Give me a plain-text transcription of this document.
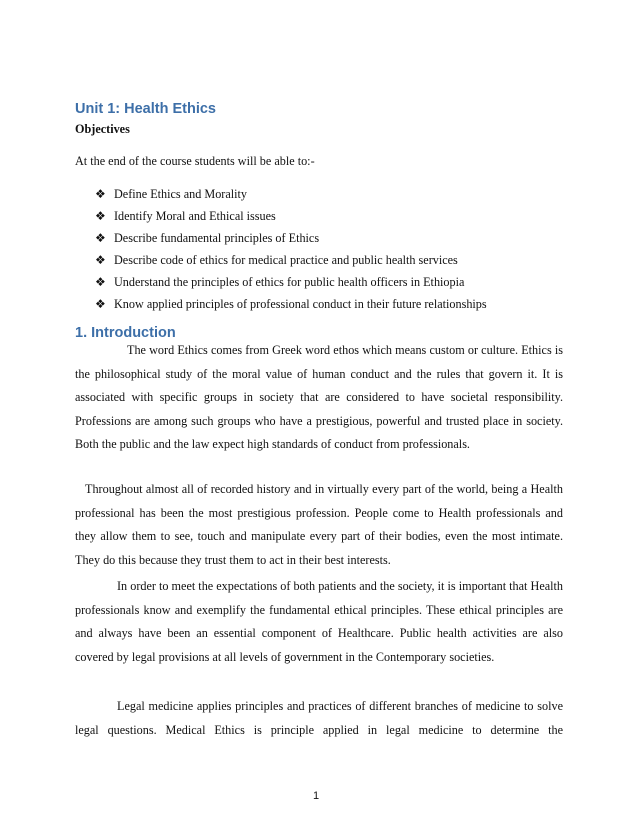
Unit 1: Health Ethics
Objectives
At the end of the course students will be able to:-
❖ Define Ethics and Morality
❖ Identify Moral and Ethical issues
❖ Describe fundamental principles of Ethics
❖ Describe code of ethics for medical practice and public health services
❖ Understand the principles of ethics for public health officers in Ethiopia
❖ Know applied principles of professional conduct in their future relationships
1. Introduction

The word Ethics comes from Greek word ethos which means custom or culture. Ethics is the philosophical study of the moral value of human conduct and the rules that govern it. It is associated with specific groups in society that are considered to have societal responsibility. Professions are among such groups who have a prestigious, powerful and trusted place in society. Both the public and the law expect high standards of conduct from professionals.

Throughout almost all of recorded history and in virtually every part of the world, being a Health professional has been the most prestigious profession. People come to Health professionals and they allow them to see, touch and manipulate every part of their bodies, even the most intimate. They do this because they trust them to act in their best interests.

In order to meet the expectations of both patients and the society, it is important that Health professionals know and exemplify the fundamental ethical principles. These ethical principles are and always have been an essential component of Healthcare. Public health activities are also covered by legal provisions at all levels of government in the Contemporary societies.

Legal medicine applies principles and practices of different branches of medicine to solve legal questions. Medical Ethics is principle applied in legal medicine to determine the

1
